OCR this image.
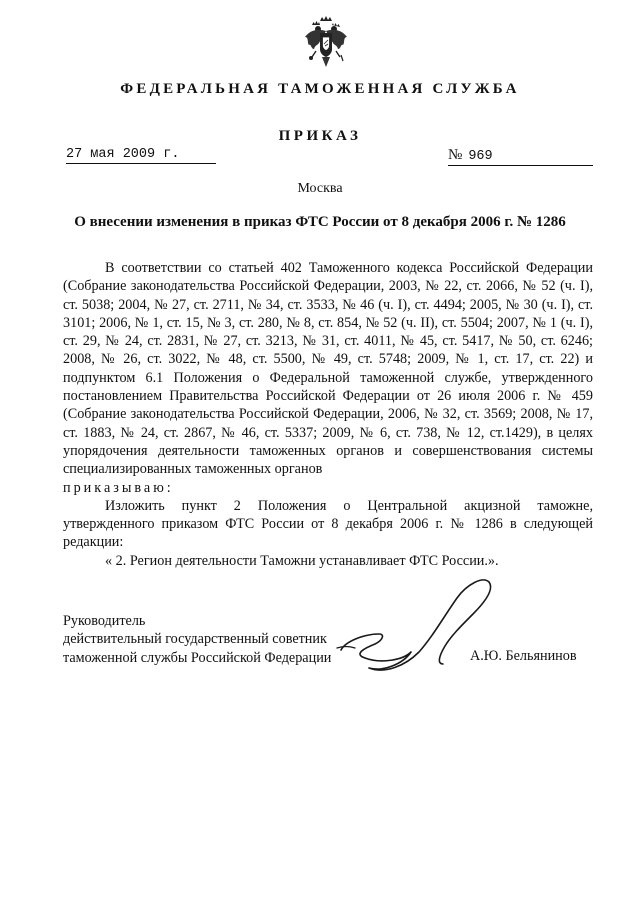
ФЕДЕРАЛЬНАЯ ТАМОЖЕННАЯ СЛУЖБА
ПРИКАЗ
27 мая 2009 г.	№ 969
Москва
О внесении изменения в приказ ФТС России от 8 декабря 2006 г. № 1286

В соответствии со статьей 402 Таможенного кодекса Российской Федерации (Собрание законодательства Российской Федерации, 2003, № 22, ст. 2066, № 52 (ч. I), ст. 5038; 2004, № 27, ст. 2711, № 34, ст. 3533, № 46 (ч. I), ст. 4494; 2005, № 30 (ч. I), ст. 3101; 2006, № 1, ст. 15, № 3, ст. 280, № 8, ст. 854, № 52 (ч. II), ст. 5504; 2007, № 1 (ч. I), ст. 29, № 24, ст. 2831, № 27, ст. 3213, № 31, ст. 4011, № 45, ст. 5417, № 50, ст. 6246; 2008, № 26, ст. 3022, № 48, ст. 5500, № 49, ст. 5748; 2009, № 1, ст. 17, ст. 22) и подпунктом 6.1 Положения о Федеральной таможенной службе, утвержденного постановлением Правительства Российской Федерации от 26 июля 2006 г. № 459 (Собрание законодательства Российской Федерации, 2006, № 32, ст. 3569; 2008, № 17, ст. 1883, № 24, ст. 2867, № 46, ст. 5337; 2009, № 6, ст. 738, № 12, ст.1429), в целях упорядочения деятельности таможенных органов и совершенствования системы специализированных таможенных органов

приказываю:

Изложить пункт 2 Положения о Центральной акцизной таможне, утвержденного приказом ФТС России от 8 декабря 2006 г. № 1286 в следующей редакции:

« 2. Регион деятельности Таможни устанавливает ФТС России.».

Руководитель
действительный государственный советник
таможенной службы Российской Федерации	А.Ю. Бельянинов
